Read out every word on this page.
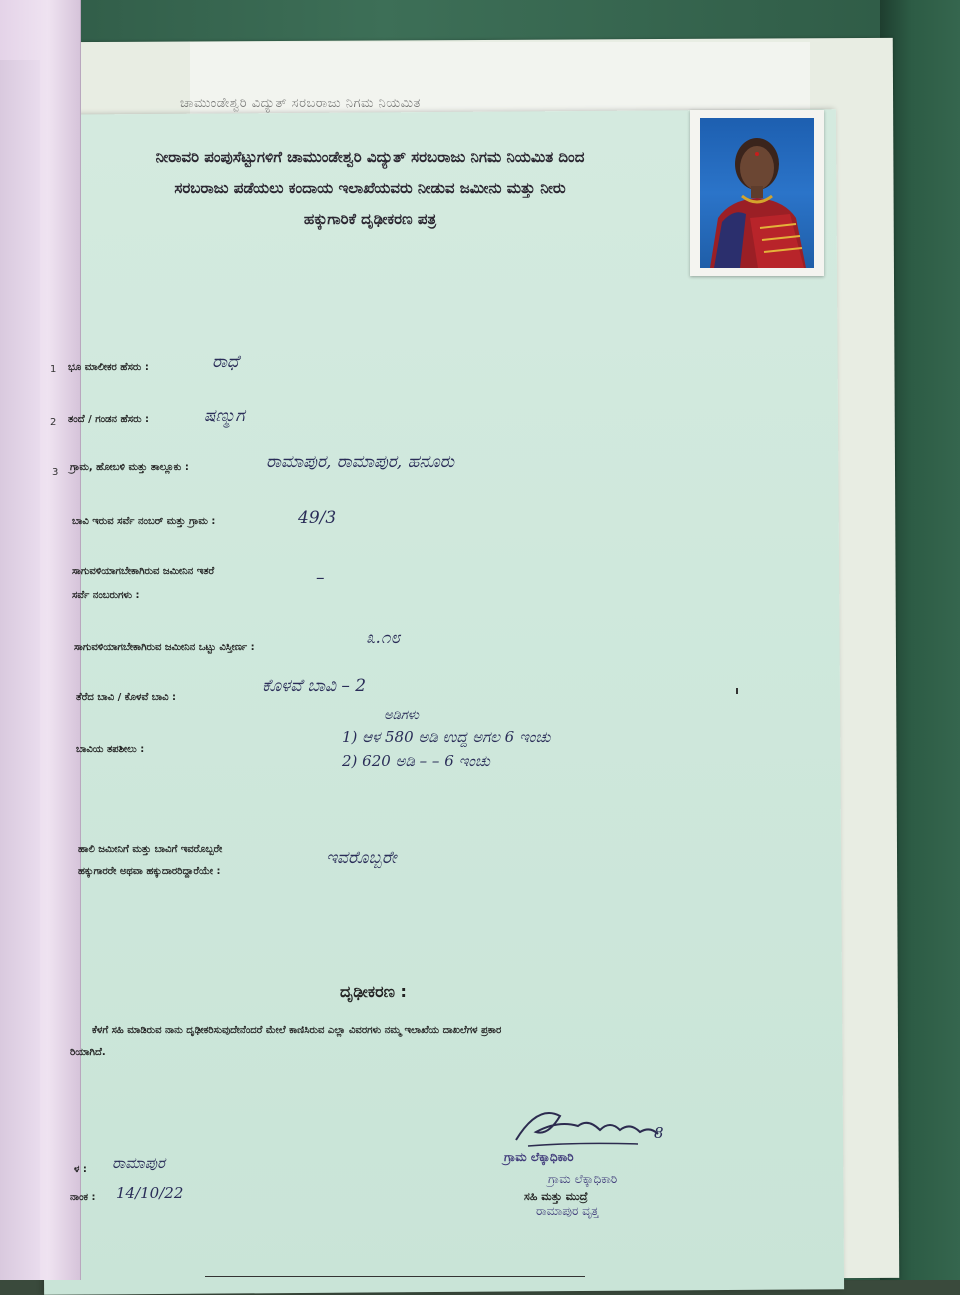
ಚಾಮುಂಡೇಶ್ವರಿ ವಿದ್ಯುತ್ ಸರಬರಾಜು ನಿಗಮ ನಿಯಮಿತ
ನೀರಾವರಿ ಪಂಪುಸೆಟ್ಟುಗಳಿಗೆ ಚಾಮುಂಡೇಶ್ವರಿ ವಿದ್ಯುತ್ ಸರಬರಾಜು ನಿಗಮ ನಿಯಮಿತ ದಿಂದ
ಸರಬರಾಜು ಪಡೆಯಲು ಕಂದಾಯ ಇಲಾಖೆಯವರು ನೀಡುವ ಜಮೀನು ಮತ್ತು ನೀರು
ಹಕ್ಕುಗಾರಿಕೆ ದೃಢೀಕರಣ ಪತ್ರ
1 ಭೂ ಮಾಲೀಕರ ಹೆಸರು :	ರಾಧೆ
2 ತಂದೆ / ಗಂಡನ ಹೆಸರು :	ಷಣ್ಮುಗ
3 ಗ್ರಾಮ, ಹೋಬಳಿ ಮತ್ತು ತಾಲ್ಲೂಕು :	ರಾಮಾಪುರ, ರಾಮಾಪುರ, ಹನೂರು
ಬಾವಿ ಇರುವ ಸರ್ವೆ ನಂಬರ್ ಮತ್ತು ಗ್ರಾಮ :	49/3
ಸಾಗುವಳಿಯಾಗಬೇಕಾಗಿರುವ ಜಮೀನಿನ ಇತರೆ
ಸರ್ವೆ ನಂಬರುಗಳು :
–
ಸಾಗುವಳಿಯಾಗಬೇಕಾಗಿರುವ ಜಮೀನಿನ ಒಟ್ಟು ವಿಸ್ತೀರ್ಣ :	೩.೧೮
ತೆರೆದ ಬಾವಿ / ಕೊಳವೆ ಬಾವಿ :
ಕೊಳವೆ ಬಾವಿ – 2
ಬಾವಿಯ ತಪಶೀಲು :
ಅಡಿಗಳು
1) ಆಳ 580 ಅಡಿ ಉದ್ದ ಅಗಲ 6 ಇಂಚು
2) 620 ಅಡಿ – – 6 ಇಂಚು
ಹಾಲಿ ಜಮೀನಿಗೆ ಮತ್ತು ಬಾವಿಗೆ ಇವರೊಬ್ಬರೇ
ಹಕ್ಕುಗಾರರೇ ಅಥವಾ ಹಕ್ಕುದಾರರಿದ್ದಾರೆಯೇ :
ಇವರೊಬ್ಬರೇ
ದೃಢೀಕರಣ :
ಕೆಳಗೆ ಸಹಿ ಮಾಡಿರುವ ನಾನು ದೃಢೀಕರಿಸುವುದೇನೆಂದರೆ ಮೇಲೆ ಕಾಣಿಸಿರುವ ಎಲ್ಲಾ ವಿವರಗಳು ನಮ್ಮ ಇಲಾಖೆಯ ದಾಖಲೆಗಳ ಪ್ರಕಾರ
ರಿಯಾಗಿದೆ.
ಳ : ರಾಮಾಪುರ
ನಾಂಕ : 14/10/22
8
ಗ್ರಾಮ ಲೆಕ್ಕಾಧಿಕಾರಿ
ಗ್ರಾಮ ಲೆಕ್ಕಾಧಿಕಾರಿ
ಸಹಿ ಮತ್ತು ಮುದ್ರೆ
ರಾಮಾಪುರ ವೃತ್ತ
